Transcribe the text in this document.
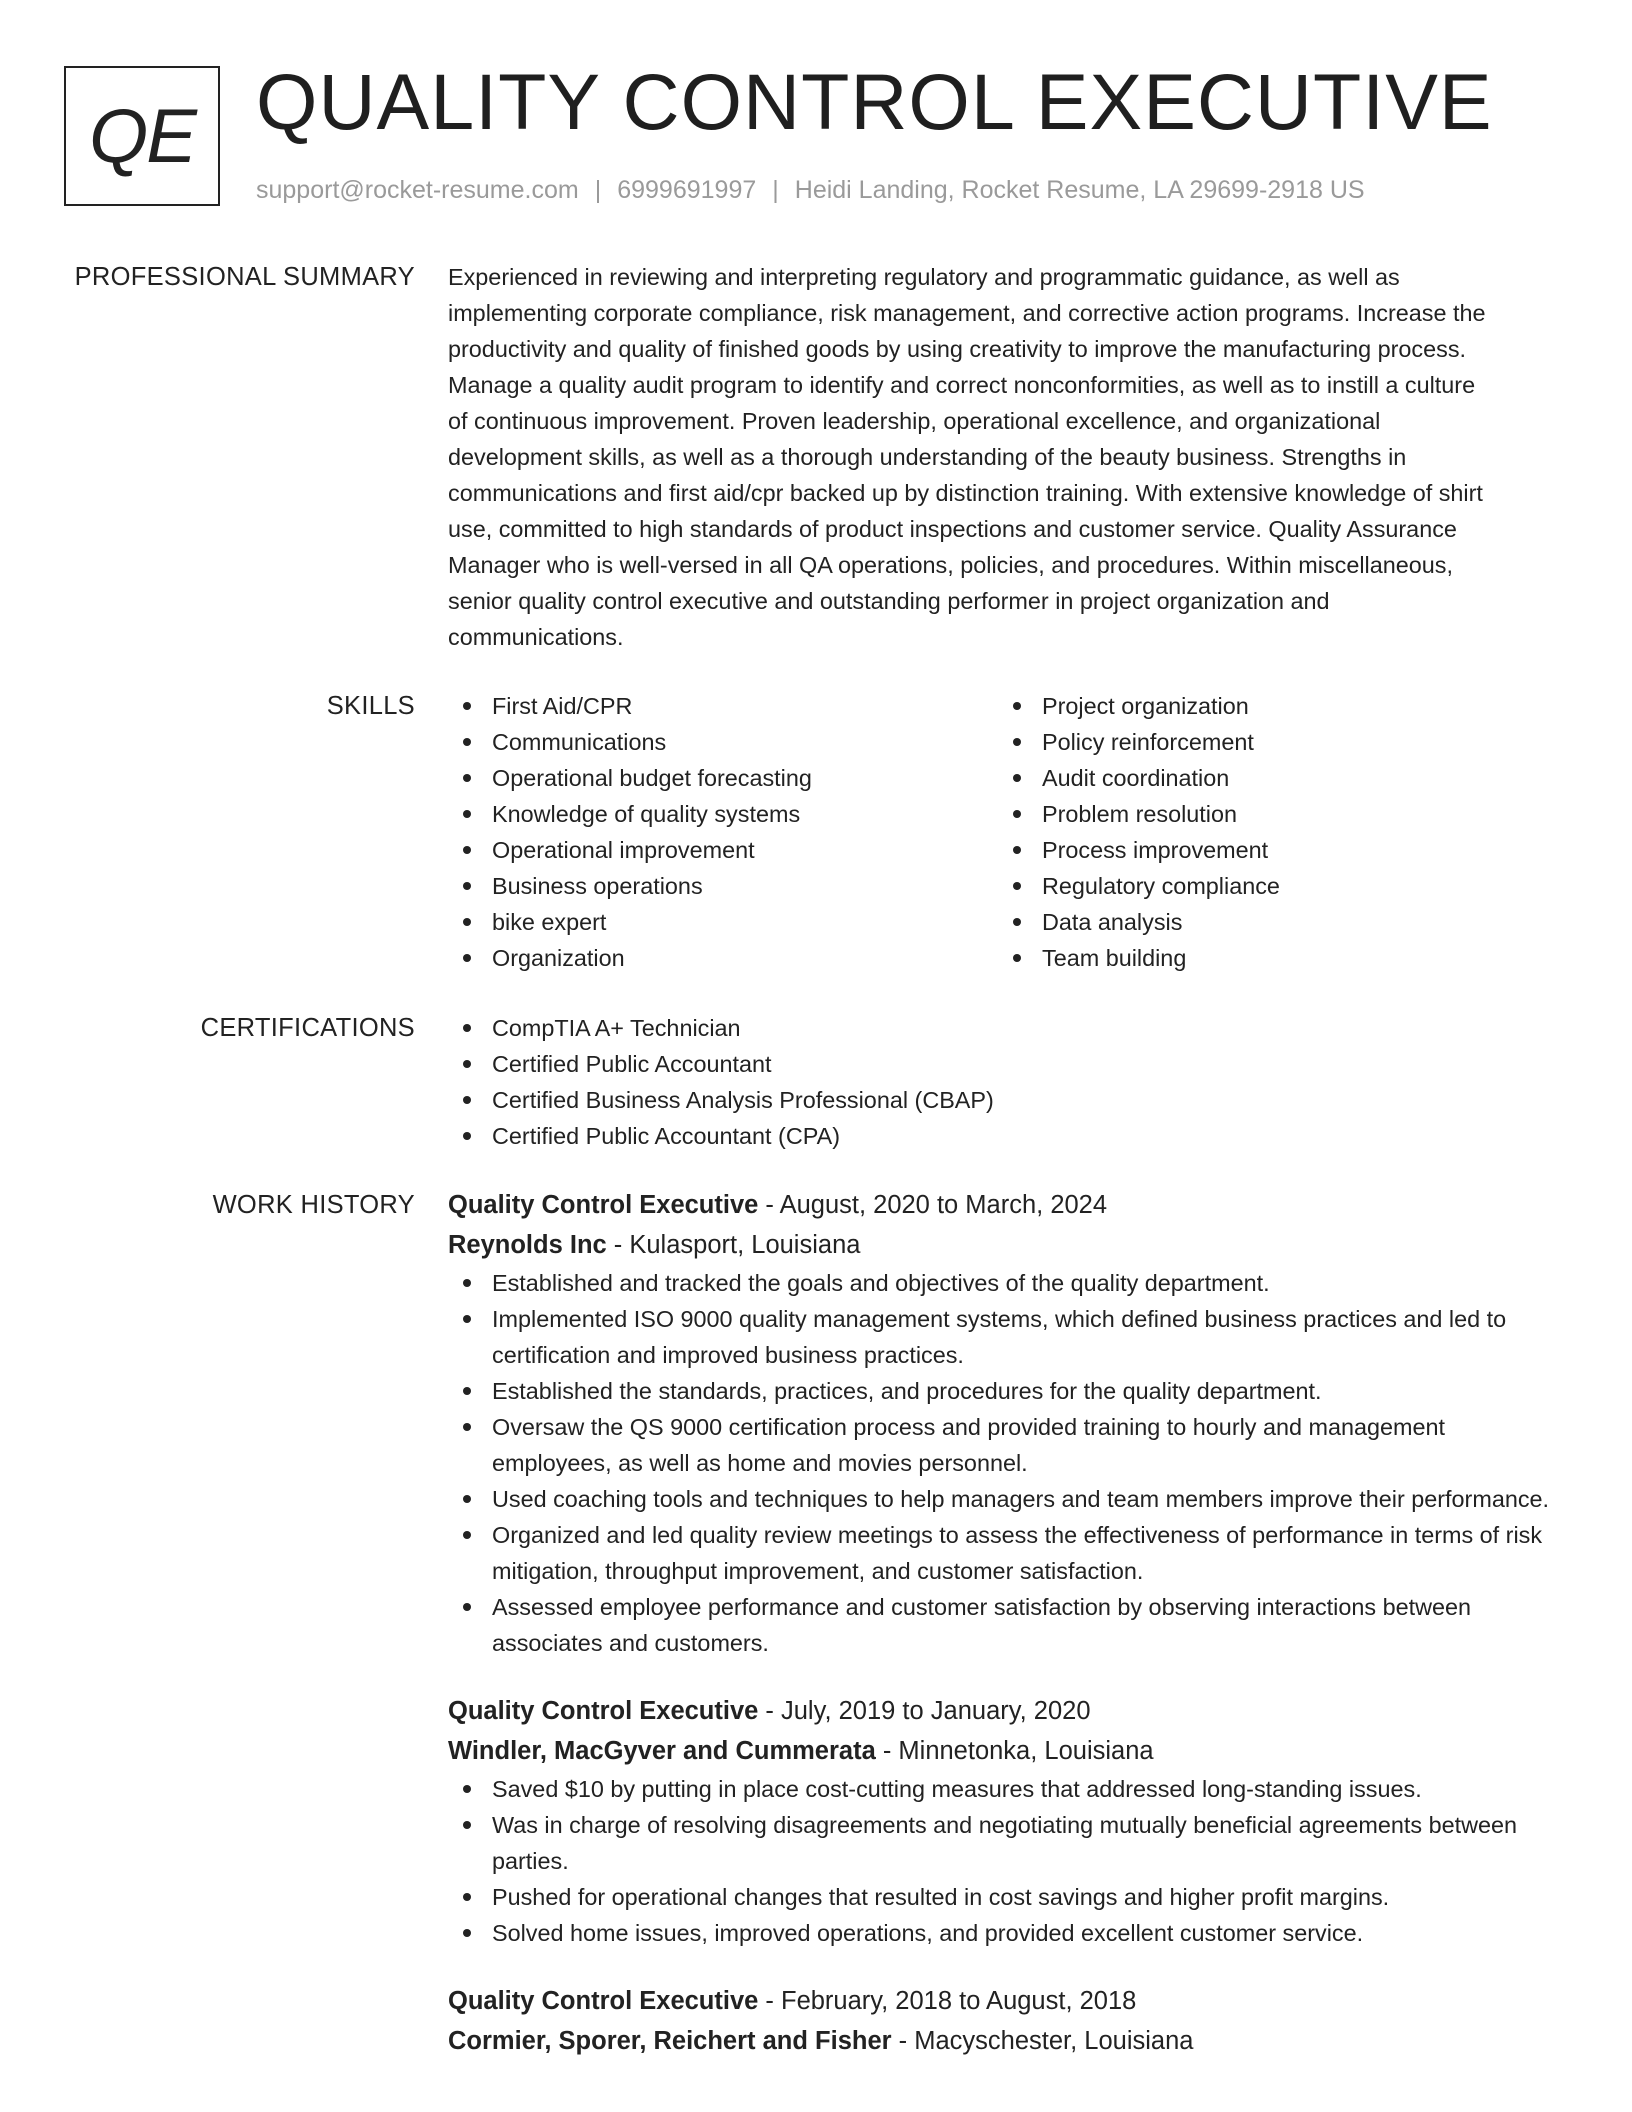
QE QUALITY CONTROL EXECUTIVE
support@rocket-resume.com | 6999691997 | Heidi Landing, Rocket Resume, LA 29699-2918 US
PROFESSIONAL SUMMARY Experienced in reviewing and interpreting regulatory and programmatic guidance, as well as
implementing corporate compliance, risk management, and corrective action programs. Increase the
productivity and quality of finished goods by using creativity to improve the manufacturing process.
Manage a quality audit program to identify and correct nonconformities, as well as to instill a culture
of continuous improvement. Proven leadership, operational excellence, and organizational
development skills, as well as a thorough understanding of the beauty business. Strengths in
communications and first aid/cpr backed up by distinction training. With extensive knowledge of shirt
use, committed to high standards of product inspections and customer service. Quality Assurance
Manager who is well-versed in all QA operations, policies, and procedures. Within miscellaneous,
senior quality control executive and outstanding performer in project organization and
communications.
SKILLS	First Aid/CPR
Communications
Operational budget forecasting
Knowledge of quality systems
Operational improvement
Business operations
bike expert
Organization
Project organization
Policy reinforcement
Audit coordination
Problem resolution
Process improvement
Regulatory compliance
Data analysis
Team building
CERTIFICATIONS	CompTIA A+ Technician
Certified Public Accountant
Certified Business Analysis Professional (CBAP)
Certified Public Accountant (CPA)
WORK HISTORY Quality Control Executive - August, 2020 to March, 2024
Reynolds Inc - Kulasport, Louisiana
Established and tracked the goals and objectives of the quality department.
Implemented ISO 9000 quality management systems, which defined business practices and led to certification and improved business practices.
Established the standards, practices, and procedures for the quality department.
Oversaw the QS 9000 certification process and provided training to hourly and management employees, as well as home and movies personnel.
Used coaching tools and techniques to help managers and team members improve their performance.
Organized and led quality review meetings to assess the effectiveness of performance in terms of risk mitigation, throughput improvement, and customer satisfaction.
Assessed employee performance and customer satisfaction by observing interactions between associates and customers.
Quality Control Executive - July, 2019 to January, 2020
Windler, MacGyver and Cummerata - Minnetonka, Louisiana
Saved $10 by putting in place cost-cutting measures that addressed long-standing issues.
Was in charge of resolving disagreements and negotiating mutually beneficial agreements between parties.
Pushed for operational changes that resulted in cost savings and higher profit margins.
Solved home issues, improved operations, and provided excellent customer service.
Quality Control Executive - February, 2018 to August, 2018
Cormier, Sporer, Reichert and Fisher - Macyschester, Louisiana
